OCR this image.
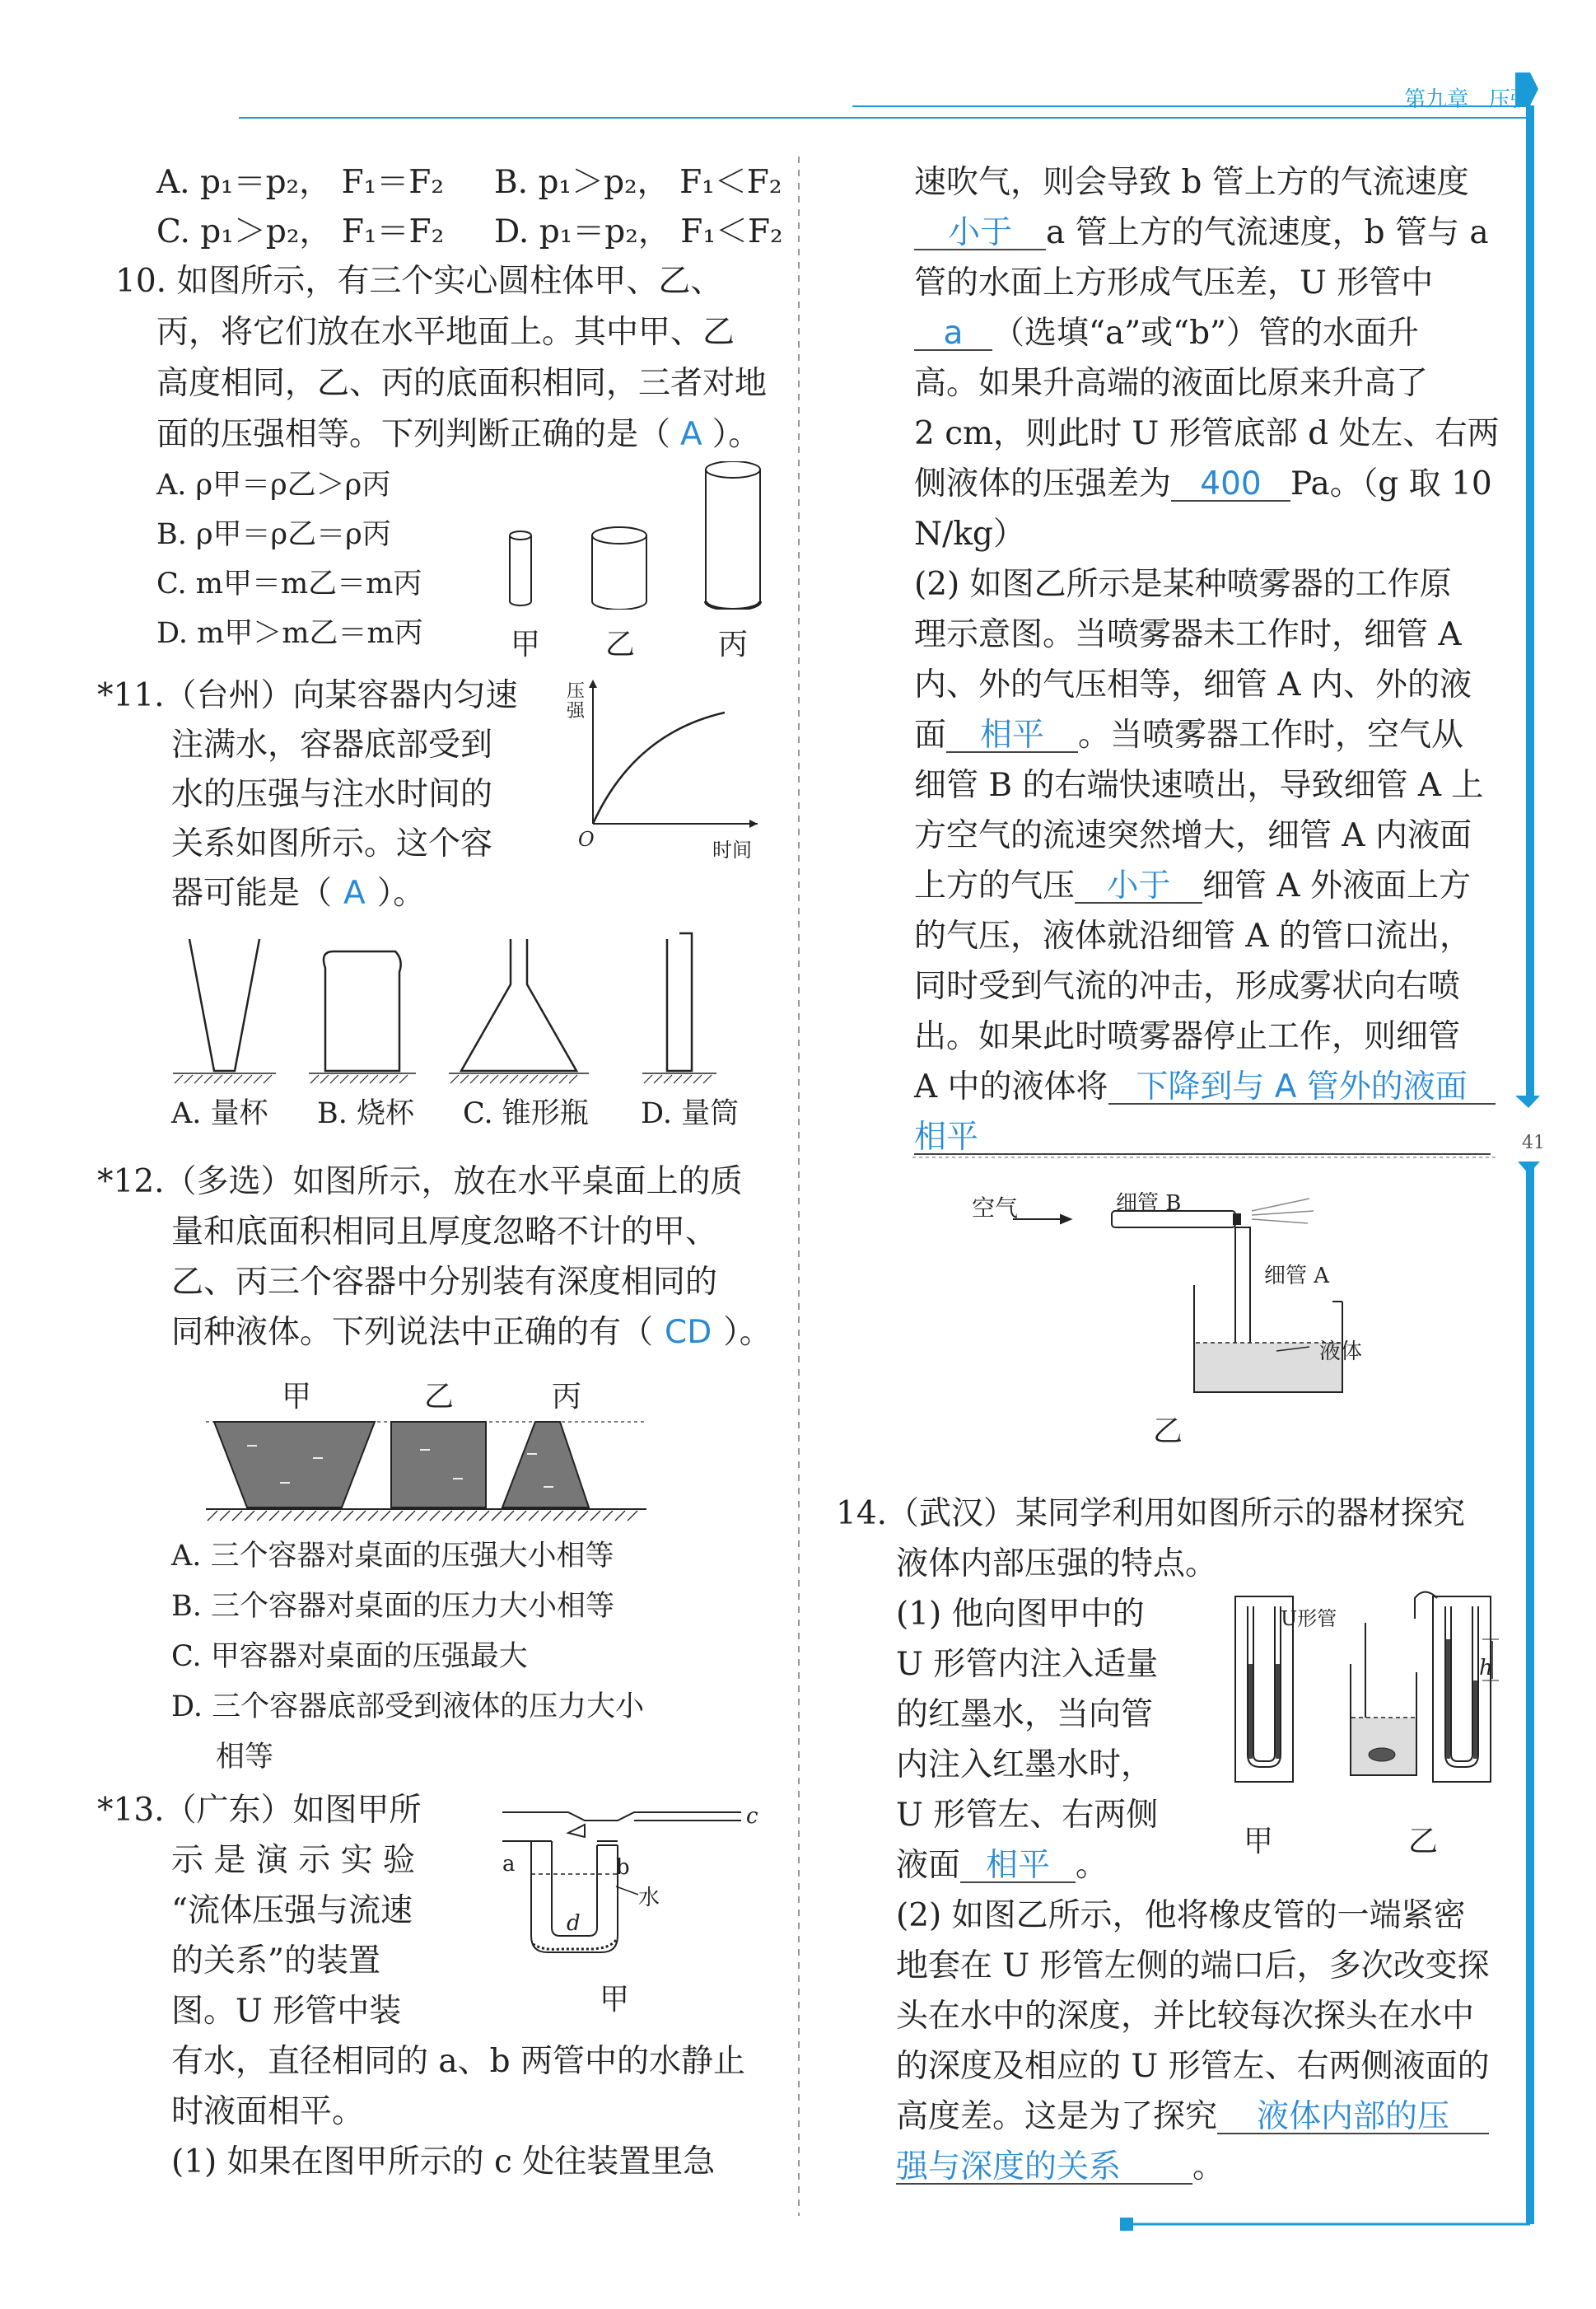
第九章 压强
41
A. p₁＝p₂， F₁＝F₂ B. p₁＞p₂， F₁＜F₂
C. p₁＞p₂， F₁＝F₂ D. p₁＝p₂， F₁＜F₂
10. 如图所示，有三个实心圆柱体甲、乙、
丙，将它们放在水平地面上。其中甲、乙
高度相同，乙、丙的底面积相同，三者对地
面的压强相等。下列判断正确的是（ A ）。
A. ρ甲＝ρ乙＞ρ丙
B. ρ甲＝ρ乙＝ρ丙
C. m甲＝m乙＝m丙
D. m甲＞m乙＝m丙	甲 乙	丙
*11.（台州）向某容器内匀速
注满水，容器底部受到
水的压强与注水时间的
关系如图所示。这个容
器可能是（ A ）。
压强
O	时间
A. 量杯 B. 烧杯 C. 锥形瓶 D. 量筒
*12.（多选）如图所示，放在水平桌面上的质
量和底面积相同且厚度忽略不计的甲、
乙、丙三个容器中分别装有深度相同的
同种液体。下列说法中正确的有（ CD ）。
甲	乙	丙
A. 三个容器对桌面的压强大小相等
B. 三个容器对桌面的压力大小相等
C. 甲容器对桌面的压强最大
D. 三个容器底部受到液体的压力大小
相等
*13.（广东）如图甲所
示 是 演 示 实 验
“流体压强与流速
的关系”的装置
图。U 形管中装
有水，直径相同的 a、b 两管中的水静止
时液面相平。
(1) 如果在图甲所示的 c 处往装置里急
a	b
c
d
水
甲
速吹气，则会导致 b 管上方的气流速度
小于 a 管上方的气流速度，b 管与 a
管的水面上方形成气压差，U 形管中
a （选填“a”或“b”）管的水面升
高。如果升高端的液面比原来升高了
2 cm，则此时 U 形管底部 d 处左、右两
侧液体的压强差为 400 Pa。（g 取 10
N/kg）
(2) 如图乙所示是某种喷雾器的工作原
理示意图。当喷雾器未工作时，细管 A
内、外的气压相等，细管 A 内、外的液
面 相平 。当喷雾器工作时，空气从
细管 B 的右端快速喷出，导致细管 A 上
方空气的流速突然增大，细管 A 内液面
上方的气压 小于 细管 A 外液面上方
的气压，液体就沿细管 A 的管口流出，
同时受到气流的冲击，形成雾状向右喷
出。如果此时喷雾器停止工作，则细管
A 中的液体将 下降到与 A 管外的液面
相平
空气	细管 B
细管 A
液体
乙
14.（武汉）某同学利用如图所示的器材探究
液体内部压强的特点。
(1) 他向图甲中的
U 形管内注入适量
的红墨水，当向管
内注入红墨水时，
U 形管左、右两侧
液面 相平 。
U形管
h
甲	乙
(2) 如图乙所示，他将橡皮管的一端紧密
地套在 U 形管左侧的端口后，多次改变探
头在水中的深度，并比较每次探头在水中
的深度及相应的 U 形管左、右两侧液面的
高度差。这是为了探究 液体内部的压
强与深度的关系 。
